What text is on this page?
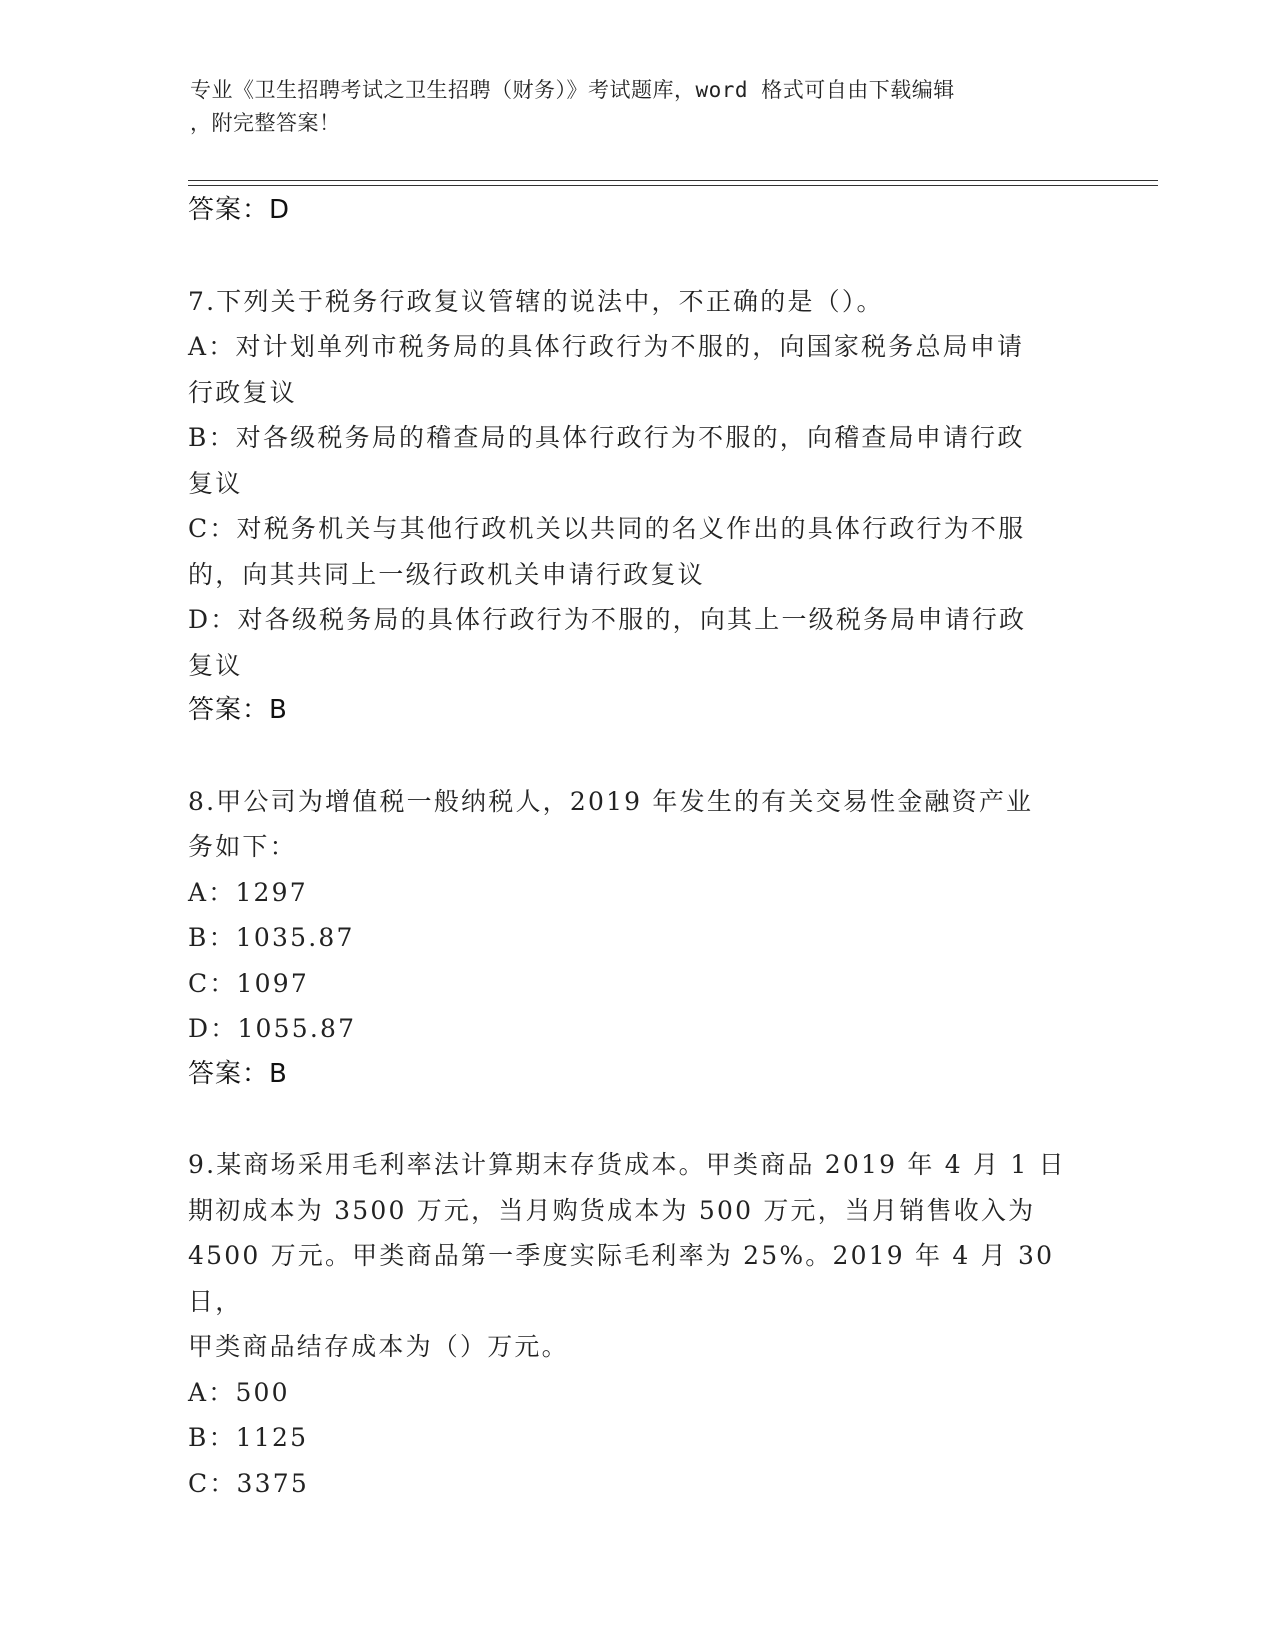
专业《卫生招聘考试之卫生招聘（财务）》考试题库，word 格式可自由下载编辑
，附完整答案！
答案：D
7.下列关于税务行政复议管辖的说法中，不正确的是（）。
A：对计划单列市税务局的具体行政行为不服的，向国家税务总局申请
行政复议
B：对各级税务局的稽查局的具体行政行为不服的，向稽查局申请行政
复议
C：对税务机关与其他行政机关以共同的名义作出的具体行政行为不服
的，向其共同上一级行政机关申请行政复议
D：对各级税务局的具体行政行为不服的，向其上一级税务局申请行政
复议
答案：B
8.甲公司为增值税一般纳税人，2019 年发生的有关交易性金融资产业
务如下：
A：1297
B：1035.87
C：1097
D：1055.87
答案：B
9.某商场采用毛利率法计算期末存货成本。甲类商品 2019 年 4 月 1 日
期初成本为 3500 万元，当月购货成本为 500 万元，当月销售收入为
4500 万元。甲类商品第一季度实际毛利率为 25%。2019 年 4 月 30 日，
甲类商品结存成本为（）万元。
A：500
B：1125
C：3375
